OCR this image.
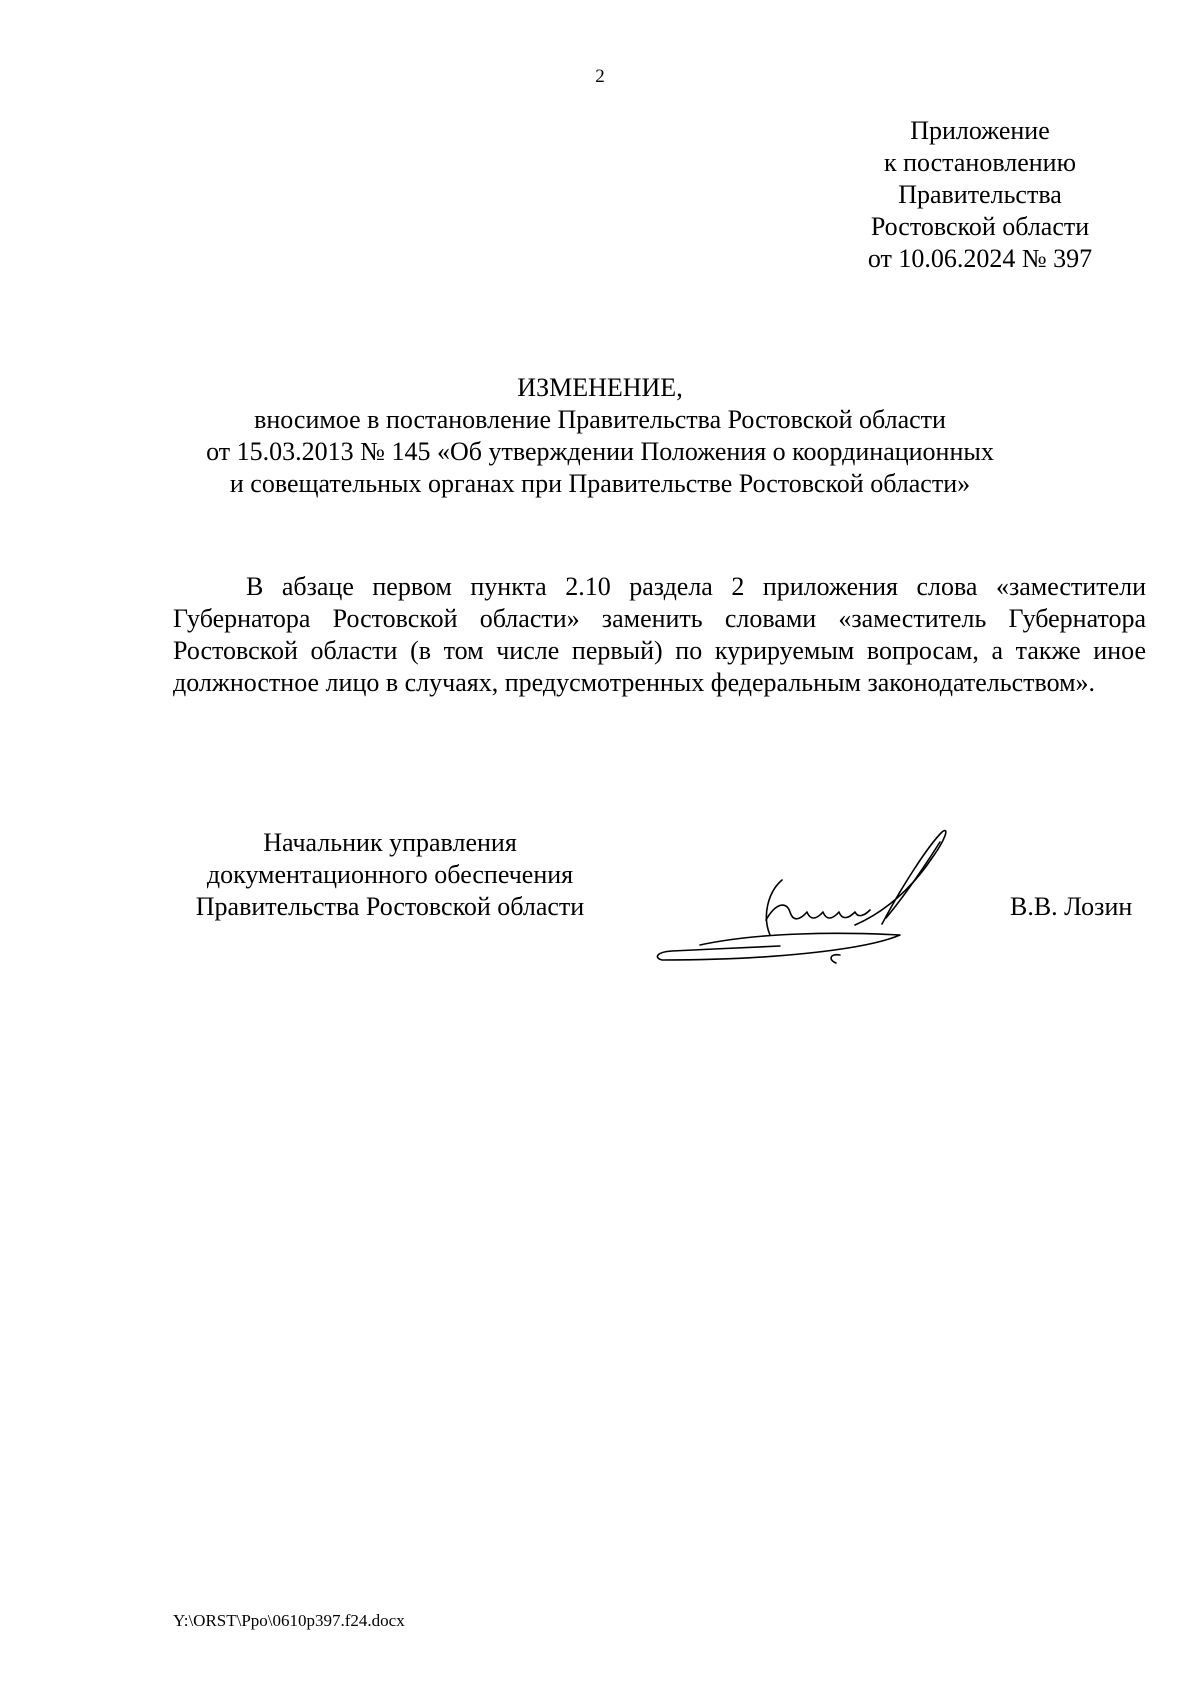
2
Приложение
к постановлению
Правительства
Ростовской области
от 10.06.2024 № 397
ИЗМЕНЕНИЕ,
вносимое в постановление Правительства Ростовской области
от 15.03.2013 № 145 «Об утверждении Положения о координационных
и совещательных органах при Правительстве Ростовской области»

В абзаце первом пункта 2.10 раздела 2 приложения слова «заместители Губернатора Ростовской области» заменить словами «заместитель Губернатора Ростовской области (в том числе первый) по курируемым вопросам, а также иное должностное лицо в случаях, предусмотренных федеральным законодательством».

Начальник управления
документационного обеспечения
Правительства Ростовской области	В.В. Лозин
Y:\ORST\Ppo\0610p397.f24.docx
